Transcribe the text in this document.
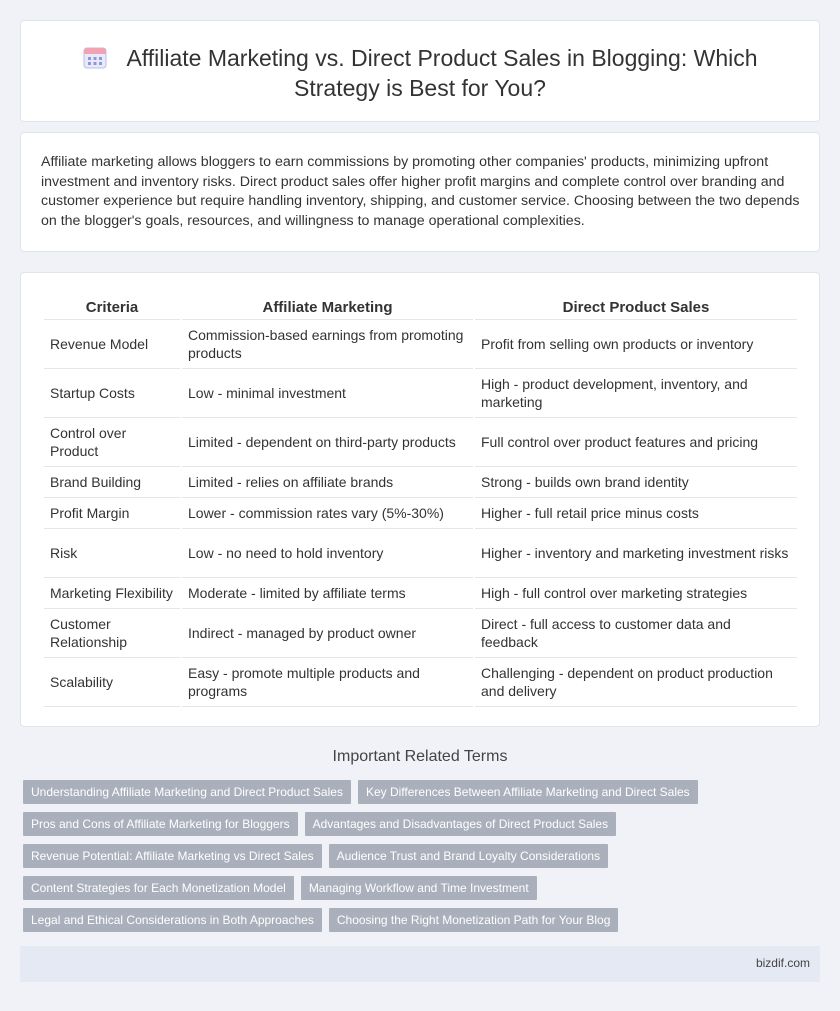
Affiliate Marketing vs. Direct Product Sales in Blogging: Which Strategy is Best for You?

Affiliate marketing allows bloggers to earn commissions by promoting other companies' products, minimizing upfront investment and inventory risks. Direct product sales offer higher profit margins and complete control over branding and customer experience but require handling inventory, shipping, and customer service. Choosing between the two depends on the blogger's goals, resources, and willingness to manage operational complexities.

Criteria	Affiliate Marketing	Direct Product Sales
Revenue Model	Commission-based earnings from promoting products	Profit from selling own products or inventory
Startup Costs	Low - minimal investment	High - product development, inventory, and marketing
Control over Product	Limited - dependent on third-party products	Full control over product features and pricing
Brand Building	Limited - relies on affiliate brands	Strong - builds own brand identity
Profit Margin	Lower - commission rates vary (5%-30%)	Higher - full retail price minus costs
Risk	Low - no need to hold inventory	Higher - inventory and marketing investment risks
Marketing Flexibility	Moderate - limited by affiliate terms	High - full control over marketing strategies
Customer Relationship	Indirect - managed by product owner	Direct - full access to customer data and feedback
Scalability	Easy - promote multiple products and programs	Challenging - dependent on product production and delivery
Important Related Terms
Understanding Affiliate Marketing and Direct Product Sales	Key Differences Between Affiliate Marketing and Direct Sales
Pros and Cons of Affiliate Marketing for Bloggers	Advantages and Disadvantages of Direct Product Sales
Revenue Potential: Affiliate Marketing vs Direct Sales	Audience Trust and Brand Loyalty Considerations
Content Strategies for Each Monetization Model	Managing Workflow and Time Investment
Legal and Ethical Considerations in Both Approaches	Choosing the Right Monetization Path for Your Blog
bizdif.com
